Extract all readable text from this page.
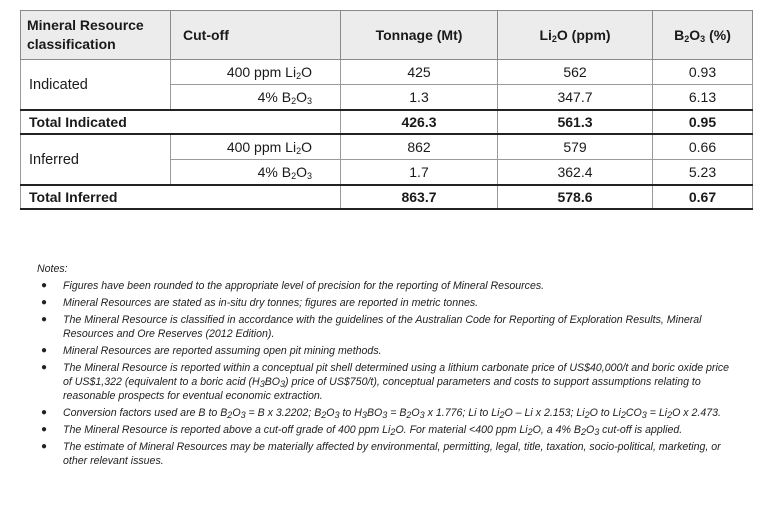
Mineral Resource classification	Cut-off	Tonnage (Mt)	$Li_2O$ (ppm)	$B_2O_3$ (%)
Indicated	400 ppm $Li_2O$	425	562	0.93
	4% $B_2O_3$	1.3	347.7	6.13
Total Indicated		426.3	561.3	0.95
Inferred	400 ppm $Li_2O$	862	579	0.66
	4% $B_2O_3$	1.7	362.4	5.23
Total Inferred		863.7	578.6	0.67
Notes:
● Figures have been rounded to the appropriate level of precision for the reporting of Mineral Resources.
● Mineral Resources are stated as in-situ dry tonnes; figures are reported in metric tonnes.
● The Mineral Resource is classified in accordance with the guidelines of the Australian Code for Reporting of Exploration Results, Mineral Resources and Ore Reserves (2012 Edition).
● Mineral Resources are reported assuming open pit mining methods.
● The Mineral Resource is reported within a conceptual pit shell determined using a lithium carbonate price of US$40,000/t and boric oxide price of US$1,322 (equivalent to a boric acid $(H_3BO_3)$ price of US$750/t), conceptual parameters and costs to support assumptions relating to reasonable prospects for eventual economic extraction.
● Conversion factors used are B to $B_2O_3 = B$ x 3.2202; $B_2O_3$ to $H_3BO_3 = B_2O_3$ x 1.776; Li to $Li_2O$ – Li x 2.153; $Li_2O$ to $Li_2CO_3 = Li_2O$ x 2.473.
● The Mineral Resource is reported above a cut-off grade of 400 ppm $Li_2O$. For material <400 ppm $Li_2O$, a 4% $B_2O_3$ cut-off is applied.
● The estimate of Mineral Resources may be materially affected by environmental, permitting, legal, title, taxation, socio-political, marketing, or other relevant issues.
